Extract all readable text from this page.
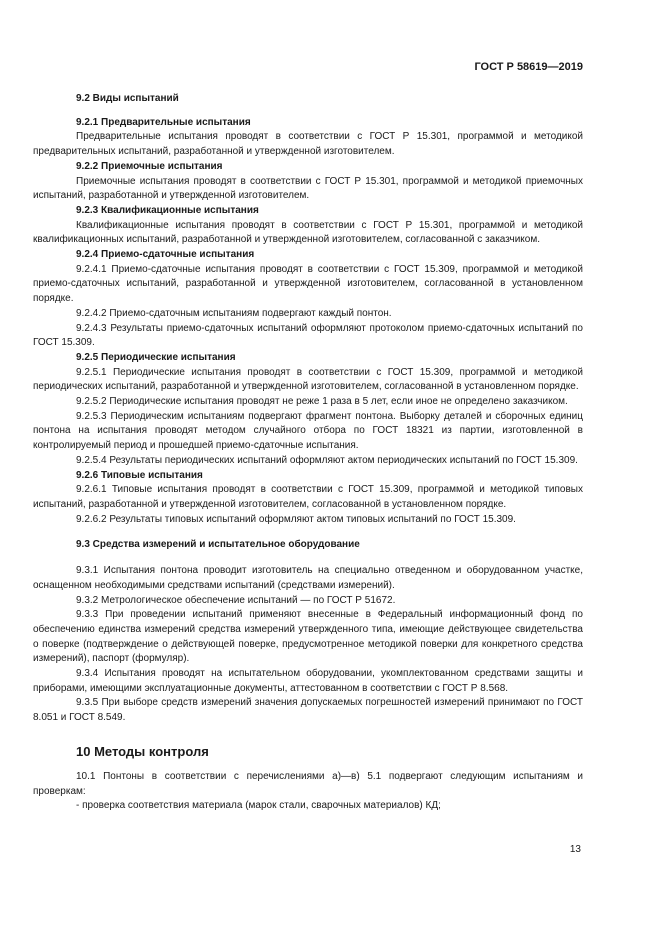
ГОСТ Р 58619—2019

9.2 Виды испытаний

9.2.1 Предварительные испытания

Предварительные испытания проводят в соответствии с ГОСТ Р 15.301, программой и методикой предварительных испытаний, разработанной и утвержденной изготовителем.

9.2.2 Приемочные испытания

Приемочные испытания проводят в соответствии с ГОСТ Р 15.301, программой и методикой приемочных испытаний, разработанной и утвержденной изготовителем.

9.2.3 Квалификационные испытания

Квалификационные испытания проводят в соответствии с ГОСТ Р 15.301, программой и методикой квалификационных испытаний, разработанной и утвержденной изготовителем, согласованной с заказчиком.

9.2.4 Приемо-сдаточные испытания

9.2.4.1 Приемо-сдаточные испытания проводят в соответствии с ГОСТ 15.309, программой и методикой приемо-сдаточных испытаний, разработанной и утвержденной изготовителем, согласованной в установленном порядке.

9.2.4.2 Приемо-сдаточным испытаниям подвергают каждый понтон.

9.2.4.3 Результаты приемо-сдаточных испытаний оформляют протоколом приемо-сдаточных испытаний по ГОСТ 15.309.

9.2.5 Периодические испытания

9.2.5.1 Периодические испытания проводят в соответствии с ГОСТ 15.309, программой и методикой периодических испытаний, разработанной и утвержденной изготовителем, согласованной в установленном порядке.

9.2.5.2 Периодические испытания проводят не реже 1 раза в 5 лет, если иное не определено заказчиком.

9.2.5.3 Периодическим испытаниям подвергают фрагмент понтона. Выборку деталей и сборочных единиц понтона на испытания проводят методом случайного отбора по ГОСТ 18321 из партии, изготовленной в контролируемый период и прошедшей приемо-сдаточные испытания.

9.2.5.4 Результаты периодических испытаний оформляют актом периодических испытаний по ГОСТ 15.309.

9.2.6 Типовые испытания

9.2.6.1 Типовые испытания проводят в соответствии с ГОСТ 15.309, программой и методикой типовых испытаний, разработанной и утвержденной изготовителем, согласованной в установленном порядке.

9.2.6.2 Результаты типовых испытаний оформляют актом типовых испытаний по ГОСТ 15.309.

9.3 Средства измерений и испытательное оборудование

9.3.1 Испытания понтона проводит изготовитель на специально отведенном и оборудованном участке, оснащенном необходимыми средствами испытаний (средствами измерений).

9.3.2 Метрологическое обеспечение испытаний — по ГОСТ Р 51672.

9.3.3 При проведении испытаний применяют внесенные в Федеральный информационный фонд по обеспечению единства измерений средства измерений утвержденного типа, имеющие действующее свидетельства о поверке (подтверждение о действующей поверке, предусмотренное методикой поверки для конкретного средства измерений), паспорт (формуляр).

9.3.4 Испытания проводят на испытательном оборудовании, укомплектованном средствами защиты и приборами, имеющими эксплуатационные документы, аттестованном в соответствии с ГОСТ Р 8.568.

9.3.5 При выборе средств измерений значения допускаемых погрешностей измерений принимают по ГОСТ 8.051 и ГОСТ 8.549.

10 Методы контроля

10.1 Понтоны в соответствии с перечислениями а)—в) 5.1 подвергают следующим испытаниям и проверкам:

- проверка соответствия материала (марок стали, сварочных материалов) КД;

13
